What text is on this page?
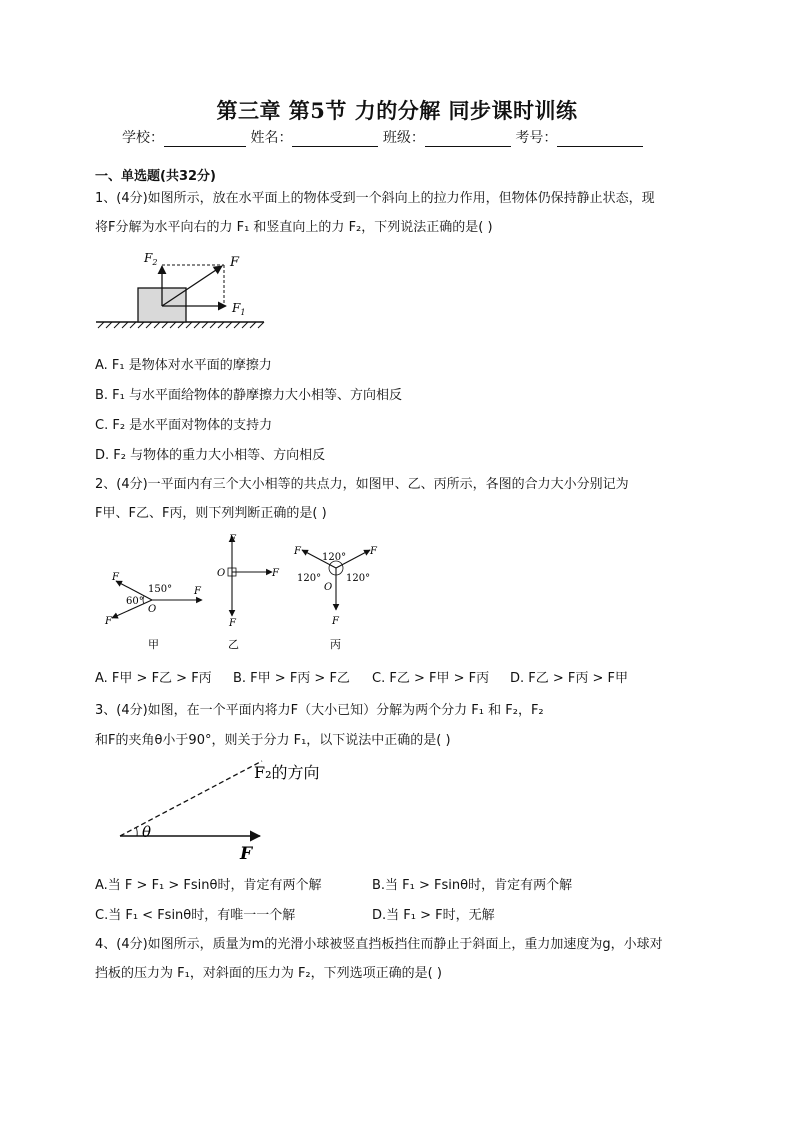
第三章 第5节 力的分解 同步课时训练
学校：	姓名：	班级：	考号：
一、单选题(共32分)
1、(4分)如图所示，放在水平面上的物体受到一个斜向上的拉力作用，但物体仍保持静止状态，现
将F分解为水平向右的力 F₁ 和竖直向上的力 F₂，下列说法正确的是( )
$F_2$	F
$F_1$
A. F₁ 是物体对水平面的摩擦力
B. F₁ 与水平面给物体的静摩擦力大小相等、方向相反
C. F₂ 是水平面对物体的支持力
D. F₂ 与物体的重力大小相等、方向相反
2、(4分)一平面内有三个大小相等的共点力，如图甲、乙、丙所示，各图的合力大小分别记为
F甲、F乙、F丙，则下列判断正确的是( )
F
F
F
150°
60°
O
甲
F
F
F
O
乙
F	F
F
120°
120° 120°
O
丙
A. F甲 > F乙 > F丙 B. F甲 > F丙 > F乙 C. F乙 > F甲 > F丙 D. F乙 > F丙 > F甲
3、(4分)如图，在一个平面内将力F（大小已知）分解为两个分力 F₁ 和 F₂，F₂
和F的夹角θ小于90°，则关于分力 F₁，以下说法中正确的是( )
F₂的方向
F
θ
A.当 F > F₁ > Fsinθ时，肯定有两个解	B.当 F₁ > Fsinθ时，肯定有两个解
C.当 F₁ < Fsinθ时，有唯一一个解	D.当 F₁ > F时，无解
4、(4分)如图所示，质量为m的光滑小球被竖直挡板挡住而静止于斜面上，重力加速度为g，小球对
挡板的压力为 F₁，对斜面的压力为 F₂，下列选项正确的是( )
